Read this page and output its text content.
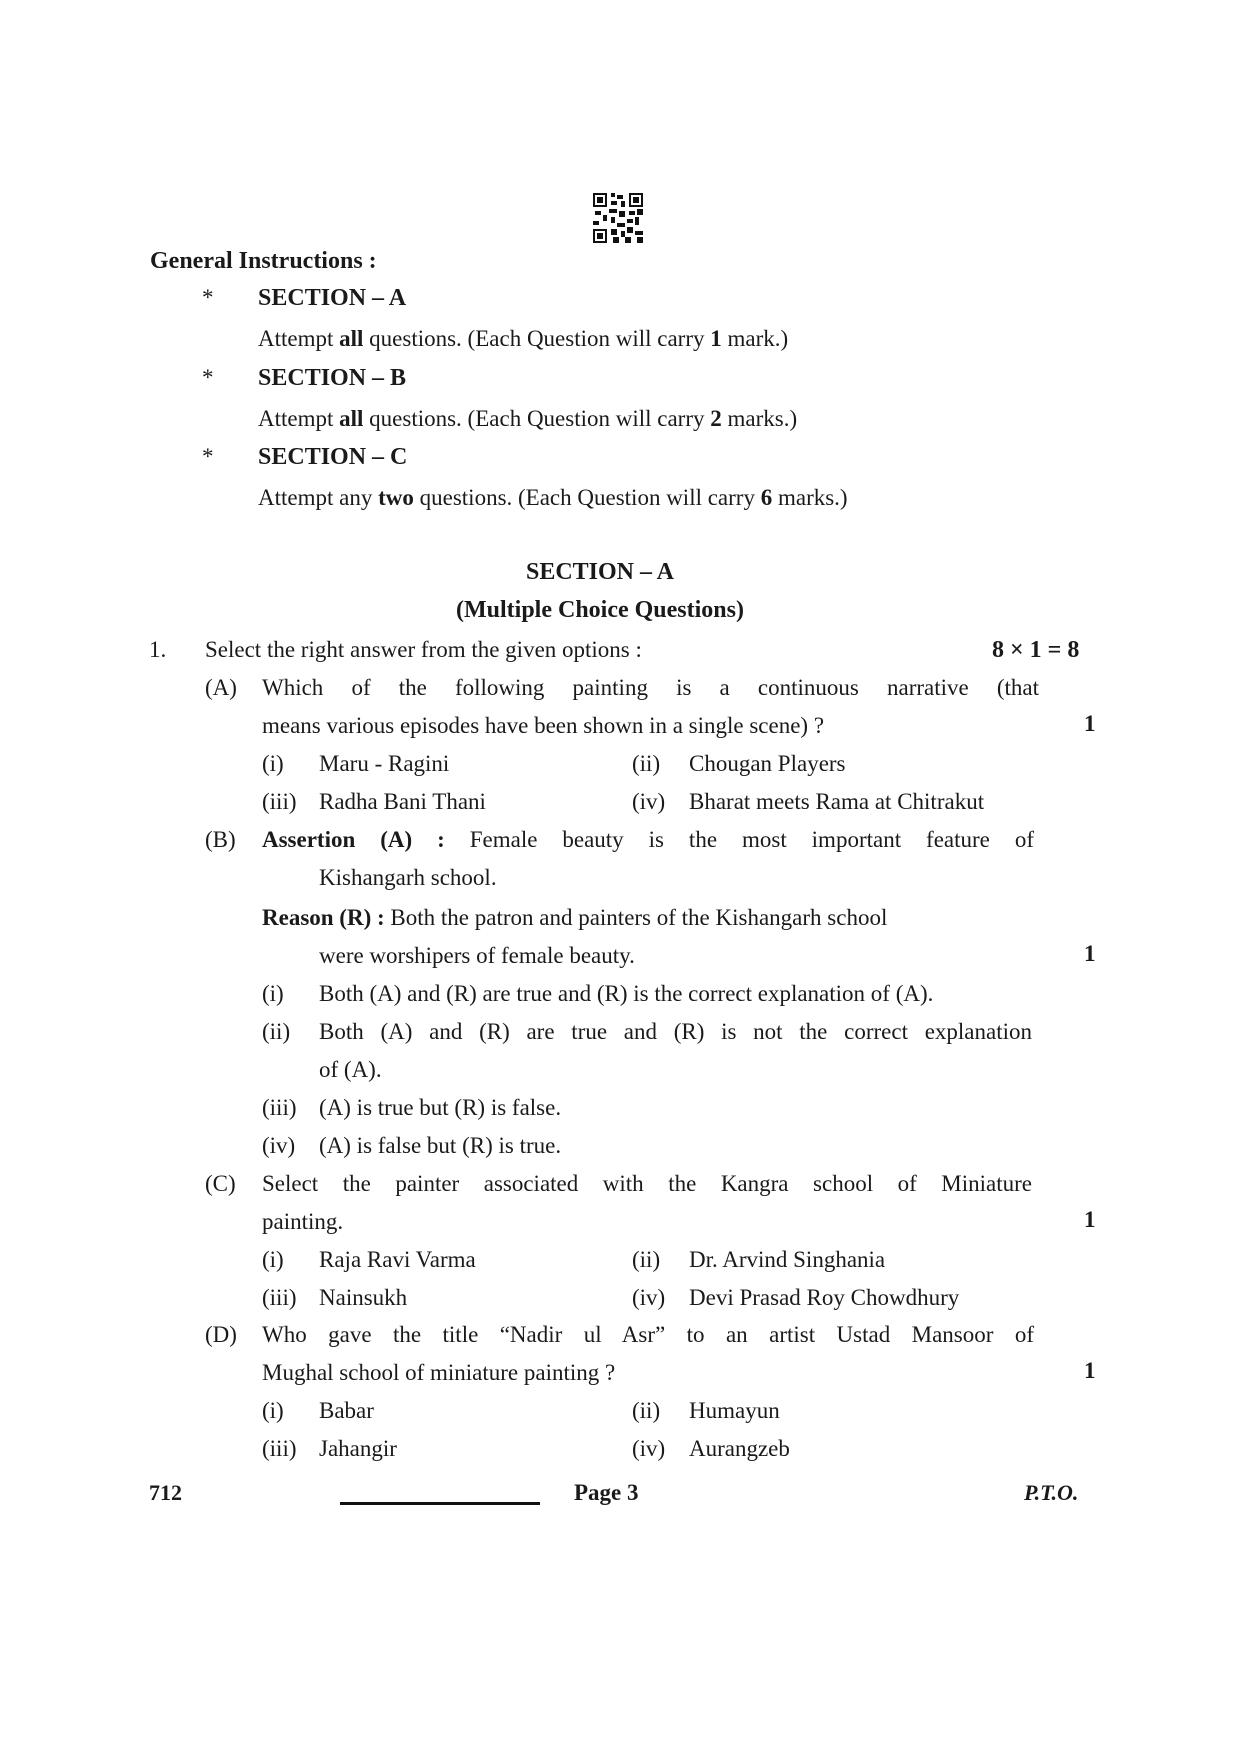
General Instructions :
* SECTION – A
Attempt all questions. (Each Question will carry 1 mark.)
* SECTION – B
Attempt all questions. (Each Question will carry 2 marks.)
* SECTION – C
Attempt any two questions. (Each Question will carry 6 marks.)
SECTION – A
(Multiple Choice Questions)
1. Select the right answer from the given options :	8 × 1 = 8
(A) Which of the following painting is a continuous narrative (that
means various episodes have been shown in a single scene) ?	1
(i) Maru - Ragini	(ii) Chougan Players
(iii) Radha Bani Thani	(iv) Bharat meets Rama at Chitrakut
(B) Assertion (A) : Female beauty is the most important feature of
Kishangarh school.
Reason (R) : Both the patron and painters of the Kishangarh school
were worshipers of female beauty.	1
(i) Both (A) and (R) are true and (R) is the correct explanation of (A).
(ii) Both (A) and (R) are true and (R) is not the correct explanation
of (A).
(iii) (A) is true but (R) is false.
(iv) (A) is false but (R) is true.
(C) Select the painter associated with the Kangra school of Miniature
painting.	1
(i) Raja Ravi Varma	(ii) Dr. Arvind Singhania
(iii) Nainsukh	(iv) Devi Prasad Roy Chowdhury
(D) Who gave the title “Nadir ul Asr” to an artist Ustad Mansoor of
Mughal school of miniature painting ?	1
(i) Babar	(ii) Humayun
(iii) Jahangir	(iv) Aurangzeb
712	Page 3	P.T.O.
